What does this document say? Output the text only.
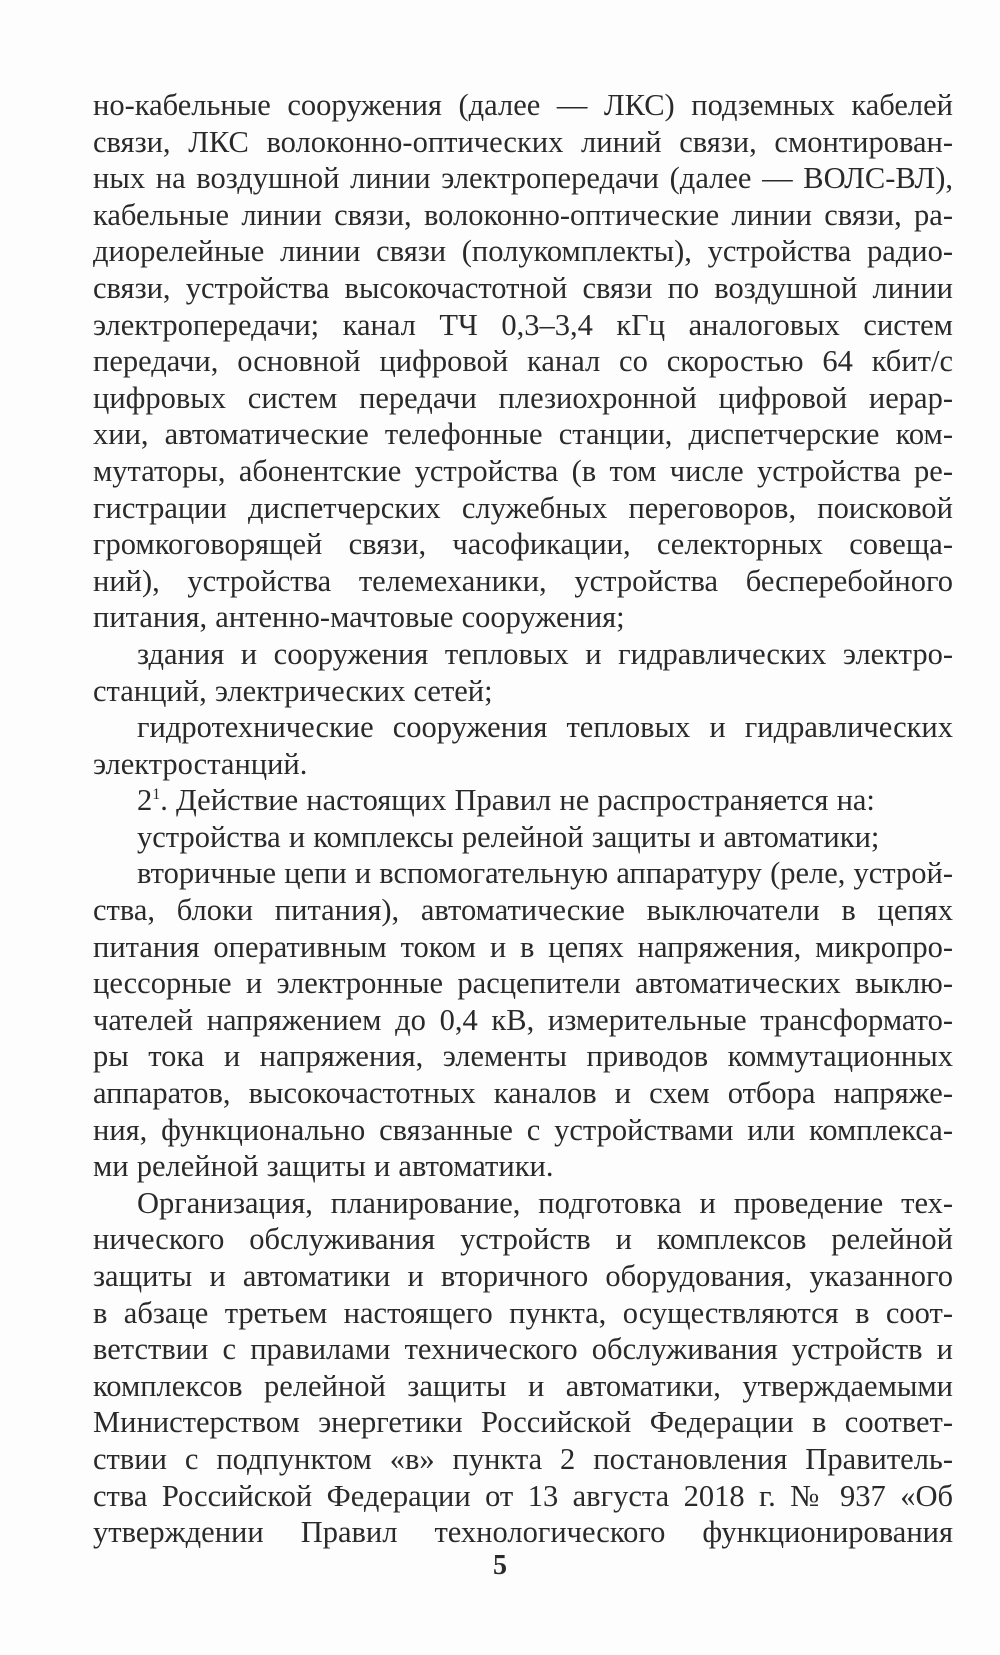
но-кабельные сооружения (далее — ЛКС) подземных кабелей
связи, ЛКС волоконно-оптических линий связи, смонтирован-
ных на воздушной линии электропередачи (далее — ВОЛС-ВЛ),
кабельные линии связи, волоконно-оптические линии связи, ра-
диорелейные линии связи (полукомплекты), устройства радио-
связи, устройства высокочастотной связи по воздушной линии
электропередачи; канал ТЧ 0,3–3,4 кГц аналоговых систем
передачи, основной цифровой канал со скоростью 64 кбит/с
цифровых систем передачи плезиохронной цифровой иерар-
хии, автоматические телефонные станции, диспетчерские ком-
мутаторы, абонентские устройства (в том числе устройства ре-
гистрации диспетчерских служебных переговоров, поисковой
громкоговорящей связи, часофикации, селекторных совеща-
ний), устройства телемеханики, устройства бесперебойного
питания, антенно-мачтовые сооружения;
здания и сооружения тепловых и гидравлических электро-
станций, электрических сетей;
гидротехнические сооружения тепловых и гидравлических
электростанций.
$2^1$. Действие настоящих Правил не распространяется на:
устройства и комплексы релейной защиты и автоматики;
вторичные цепи и вспомогательную аппаратуру (реле, устрой-
ства, блоки питания), автоматические выключатели в цепях
питания оперативным током и в цепях напряжения, микропро-
цессорные и электронные расцепители автоматических выклю-
чателей напряжением до 0,4 кВ, измерительные трансформато-
ры тока и напряжения, элементы приводов коммутационных
аппаратов, высокочастотных каналов и схем отбора напряже-
ния, функционально связанные с устройствами или комплекса-
ми релейной защиты и автоматики.
Организация, планирование, подготовка и проведение тех-
нического обслуживания устройств и комплексов релейной
защиты и автоматики и вторичного оборудования, указанного
в абзаце третьем настоящего пункта, осуществляются в соот-
ветствии с правилами технического обслуживания устройств и
комплексов релейной защиты и автоматики, утверждаемыми
Министерством энергетики Российской Федерации в соответ-
ствии с подпунктом «в» пункта 2 постановления Правитель-
ства Российской Федерации от 13 августа 2018 г. № 937 «Об
утверждении Правил технологического функционирования
5
